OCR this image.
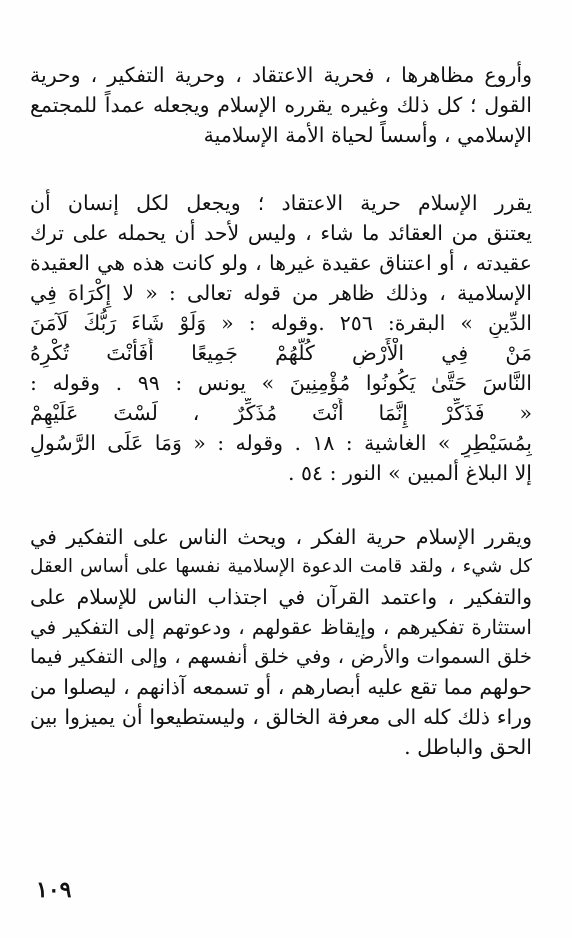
وأروع مظاهرها ، فحرية الاعتقاد ، وحرية التفكير ، وحرية
القول ؛ كل ذلك وغيره يقرره الإسلام ويجعله عمداً للمجتمع
الإسلامي ، وأسساً لحياة الأمة الإسلامية
يقرر الإسلام حرية الاعتقاد ؛ ويجعل لكل إنسان أن
يعتنق من العقائد ما شاء ، وليس لأحد أن يحمله على ترك
عقيدته ، أو اعتناق عقيدة غيرها ، ولو كانت هذه هي العقيدة
الإسلامية ، وذلك ظاهر من قوله تعالى : « لا إِكْرَاهَ فِي
الدِّينِ » البقرة: ٢٥٦ .وقوله : « وَلَوْ شَاءَ رَبُّكَ لَآمَنَ
مَنْ فِي الْأَرْضِ كُلُّهُمْ جَمِيعًا أَفَأَنْتَ تُكْرِهُ
النَّاسَ حَتَّىٰ يَكُونُوا مُؤْمِنِينَ » يونس : ٩٩ . وقوله :
« فَذَكِّرْ إِنَّمَا أَنْتَ مُذَكِّرٌ ، لَسْتَ عَلَيْهِمْ
بِمُسَيْطِرٍ » الغاشية : ١٨ . وقوله : « وَمَا عَلَى الرَّسُولِ
إلا البلاغ ألمبين » النور : ٥٤ .
ويقرر الإسلام حرية الفكر ، ويحث الناس على التفكير في
كل شيء ، ولقد قامت الدعوة الإسلامية نفسها على أساس العقل
والتفكير ، واعتمد القرآن في اجتذاب الناس للإسلام على
استثارة تفكيرهم ، وإيقاظ عقولهم ، ودعوتهم إلى التفكير في
خلق السموات والأرض ، وفي خلق أنفسهم ، وإلى التفكير فيما
حولهم مما تقع عليه أبصارهم ، أو تسمعه آذانهم ، ليصلوا من
وراء ذلك كله الى معرفة الخالق ، وليستطيعوا أن يميزوا بين
الحق والباطل .
١٠٩
